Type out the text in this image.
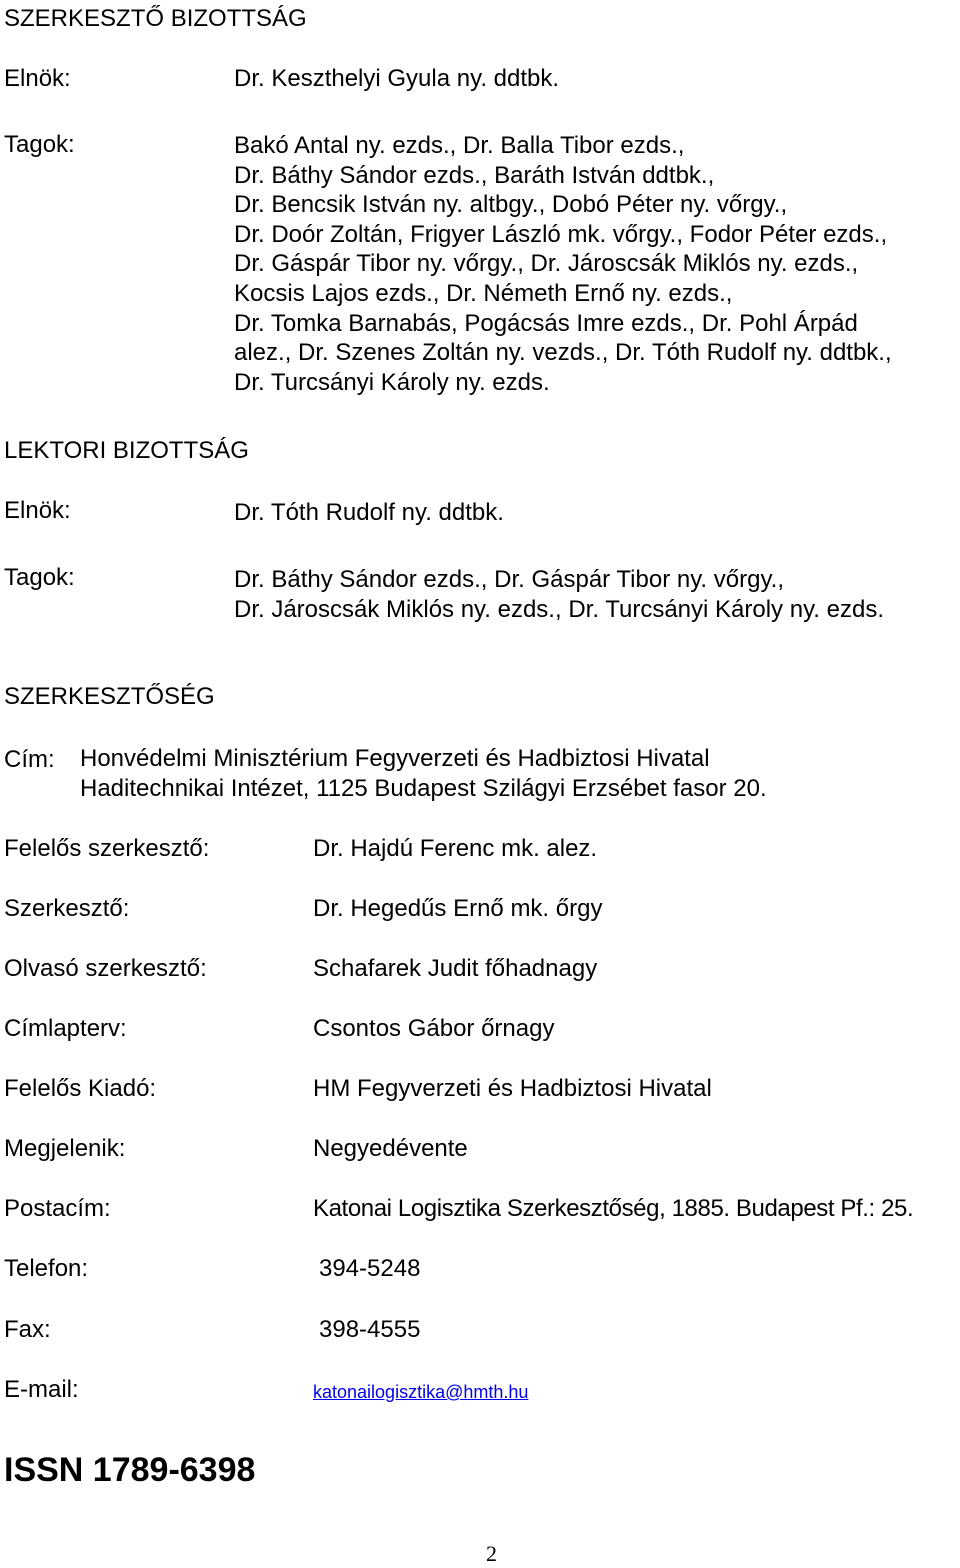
SZERKESZTŐ BIZOTTSÁG
Elnök:	Dr. Keszthelyi Gyula ny. ddtbk.
Tagok:	Bakó Antal ny. ezds., Dr. Balla Tibor ezds.,
Dr. Báthy Sándor ezds., Baráth István ddtbk.,
Dr. Bencsik István ny. altbgy., Dobó Péter ny. vőrgy.,
Dr. Doór Zoltán, Frigyer László mk. vőrgy., Fodor Péter ezds.,
Dr. Gáspár Tibor ny. vőrgy., Dr. Jároscsák Miklós ny. ezds.,
Kocsis Lajos ezds., Dr. Németh Ernő ny. ezds.,
Dr. Tomka Barnabás, Pogácsás Imre ezds., Dr. Pohl Árpád
alez., Dr. Szenes Zoltán ny. vezds., Dr. Tóth Rudolf ny. ddtbk.,
Dr. Turcsányi Károly ny. ezds.
LEKTORI BIZOTTSÁG
Elnök:	Dr. Tóth Rudolf ny. ddtbk.
Tagok:	Dr. Báthy Sándor ezds., Dr. Gáspár Tibor ny. vőrgy.,
Dr. Jároscsák Miklós ny. ezds., Dr. Turcsányi Károly ny. ezds.
SZERKESZTŐSÉG
Cím: Honvédelmi Minisztérium Fegyverzeti és Hadbiztosi Hivatal
Haditechnikai Intézet, 1125 Budapest Szilágyi Erzsébet fasor 20.
Felelős szerkesztő:	Dr. Hajdú Ferenc mk. alez.
Szerkesztő:	Dr. Hegedűs Ernő mk. őrgy
Olvasó szerkesztő:	Schafarek Judit főhadnagy
Címlapterv:	Csontos Gábor őrnagy
Felelős Kiadó:	HM Fegyverzeti és Hadbiztosi Hivatal
Megjelenik:	Negyedévente
Postacím:	Katonai Logisztika Szerkesztőség, 1885. Budapest Pf.: 25.
Telefon:	394-5248
Fax:	398-4555
E-mail:	katonailogisztika@hmth.hu
ISSN 1789-6398
2
